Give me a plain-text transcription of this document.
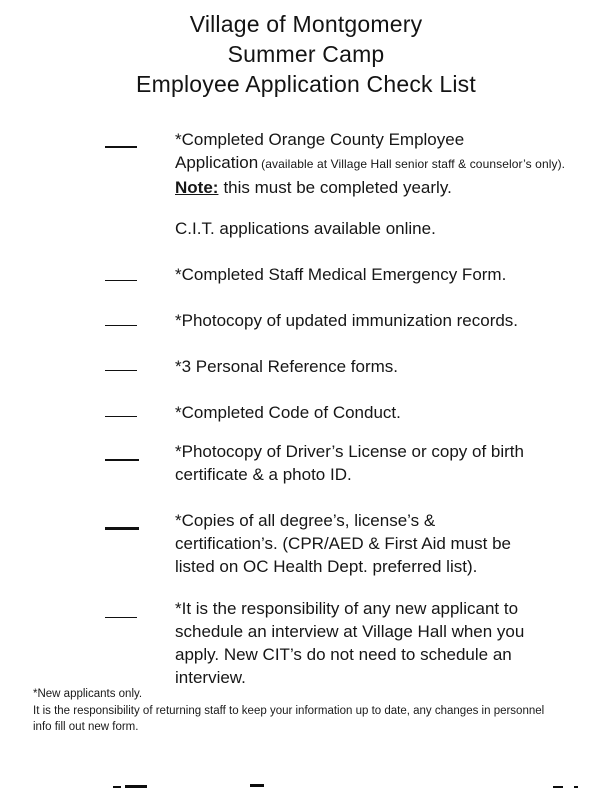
Village of Montgomery
Summer Camp
Employee Application Check List
*Completed Orange County Employee
Application (available at Village Hall senior staff & counselor’s only).
Note: this must be completed yearly.
C.I.T. applications available online.
*Completed Staff Medical Emergency Form.
*Photocopy of updated immunization records.
*3 Personal Reference forms.
*Completed Code of Conduct.
*Photocopy of Driver’s License or copy of birth
certificate & a photo ID.
*Copies of all degree’s, license’s &
certification’s. (CPR/AED & First Aid must be
listed on OC Health Dept. preferred list).
*It is the responsibility of any new applicant to
schedule an interview at Village Hall when you
apply. New CIT’s do not need to schedule an
interview.
*New applicants only.
It is the responsibility of returning staff to keep your information up to date, any changes in personnel
info fill out new form.
